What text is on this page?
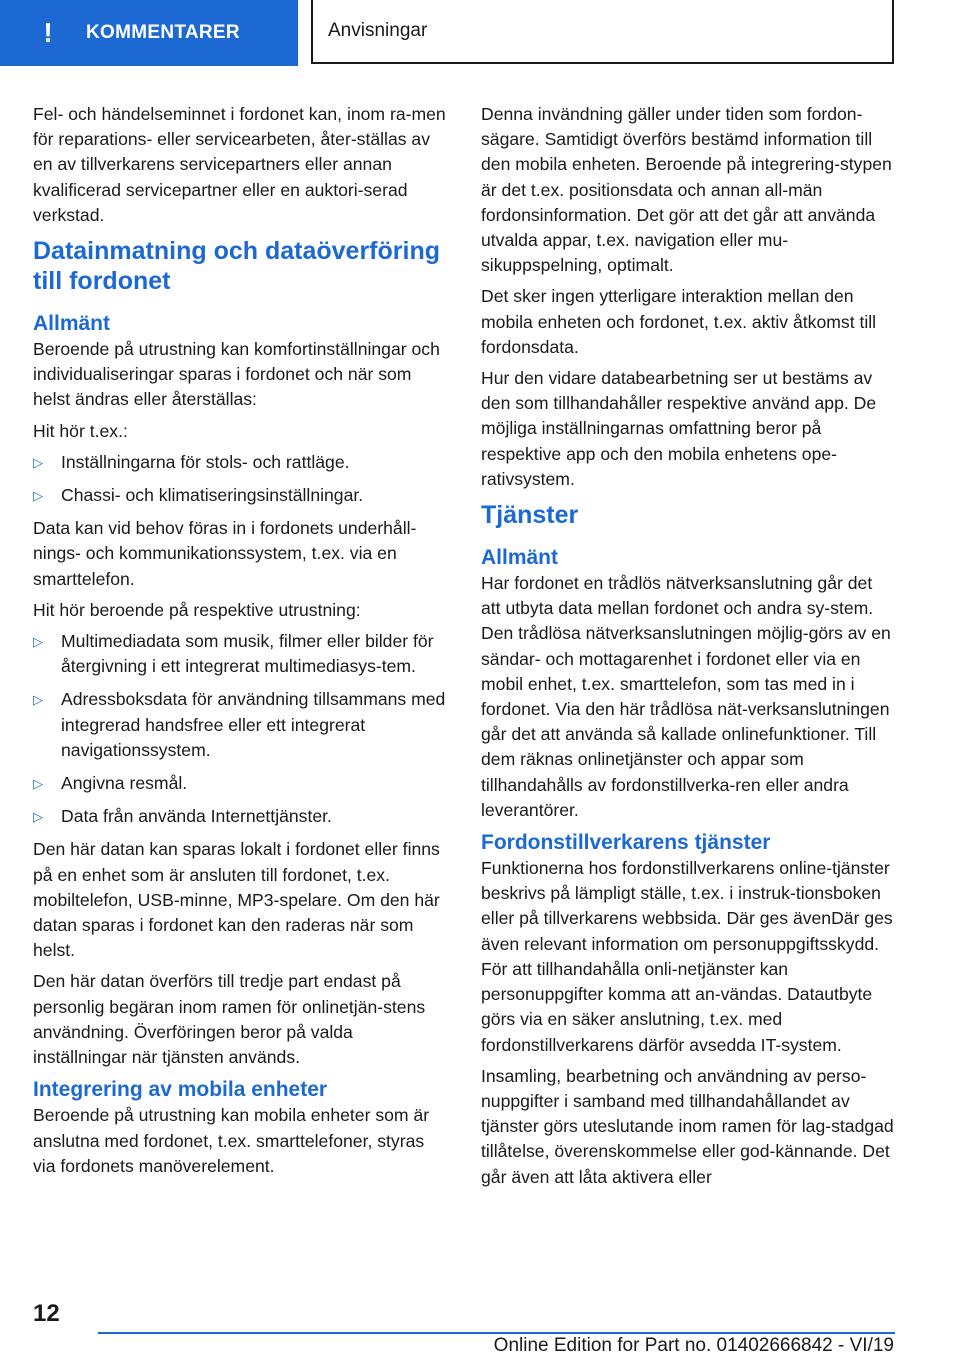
! KOMMENTARER	Anvisningar

Fel- och händelseminnet i fordonet kan, inom ra-men för reparations- eller servicearbeten, åter-ställas av en av tillverkarens servicepartners eller annan kvalificerad servicepartner eller en auktori-serad verkstad.

Datainmatning och dataöverföring till fordonet
Allmänt

Beroende på utrustning kan komfortinställningar och individualiseringar sparas i fordonet och när som helst ändras eller återställas:

Hit hör t.ex.:

▷ Inställningarna för stols- och rattläge.
▷ Chassi- och klimatiseringsinställningar.

Data kan vid behov föras in i fordonets underhåll-nings- och kommunikationssystem, t.ex. via en smarttelefon.

Hit hör beroende på respektive utrustning:

▷ Multimediadata som musik, filmer eller bilder för återgivning i ett integrerat multimediasys-tem.
▷ Adressboksdata för användning tillsammans med integrerad handsfree eller ett integrerat navigationssystem.
▷ Angivna resmål.
▷ Data från använda Internettjänster.

Den här datan kan sparas lokalt i fordonet eller finns på en enhet som är ansluten till fordonet, t.ex. mobiltelefon, USB-minne, MP3-spelare. Om den här datan sparas i fordonet kan den raderas när som helst.

Den här datan överförs till tredje part endast på personlig begäran inom ramen för onlinetjän-stens användning. Överföringen beror på valda inställningar när tjänsten används.

Integrering av mobila enheter

Beroende på utrustning kan mobila enheter som är anslutna med fordonet, t.ex. smarttelefoner, styras via fordonets manöverelement.

Denna invändning gäller under tiden som fordon-sägare. Samtidigt överförs bestämd information till den mobila enheten. Beroende på integrering-stypen är det t.ex. positionsdata och annan all-män fordonsinformation. Det gör att det går att använda utvalda appar, t.ex. navigation eller mu-sikuppspelning, optimalt.

Det sker ingen ytterligare interaktion mellan den mobila enheten och fordonet, t.ex. aktiv åtkomst till fordonsdata.

Hur den vidare databearbetning ser ut bestäms av den som tillhandahåller respektive använd app. De möjliga inställningarnas omfattning beror på respektive app och den mobila enhetens ope-rativsystem.

Tjänster
Allmänt

Har fordonet en trådlös nätverksanslutning går det att utbyta data mellan fordonet och andra sy-stem. Den trådlösa nätverksanslutningen möjlig-görs av en sändar- och mottagarenhet i fordonet eller via en mobil enhet, t.ex. smarttelefon, som tas med in i fordonet. Via den här trådlösa nät-verksanslutningen går det att använda så kallade onlinefunktioner. Till dem räknas onlinetjänster och appar som tillhandahålls av fordonstillverka-ren eller andra leverantörer.

Fordonstillverkarens tjänster

Funktionerna hos fordonstillverkarens online-tjänster beskrivs på lämpligt ställe, t.ex. i instruk-tionsboken eller på tillverkarens webbsida. Där ges ävenDär ges även relevant information om personuppgiftsskydd. För att tillhandahålla onli-netjänster kan personuppgifter komma att an-vändas. Datautbyte görs via en säker anslutning, t.ex. med fordonstillverkarens därför avsedda IT-system.

Insamling, bearbetning och användning av perso-nuppgifter i samband med tillhandahållandet av tjänster görs uteslutande inom ramen för lag-stadgad tillåtelse, överenskommelse eller god-kännande. Det går även att låta aktivera eller

12
Online Edition for Part no. 01402666842 - VI/19
